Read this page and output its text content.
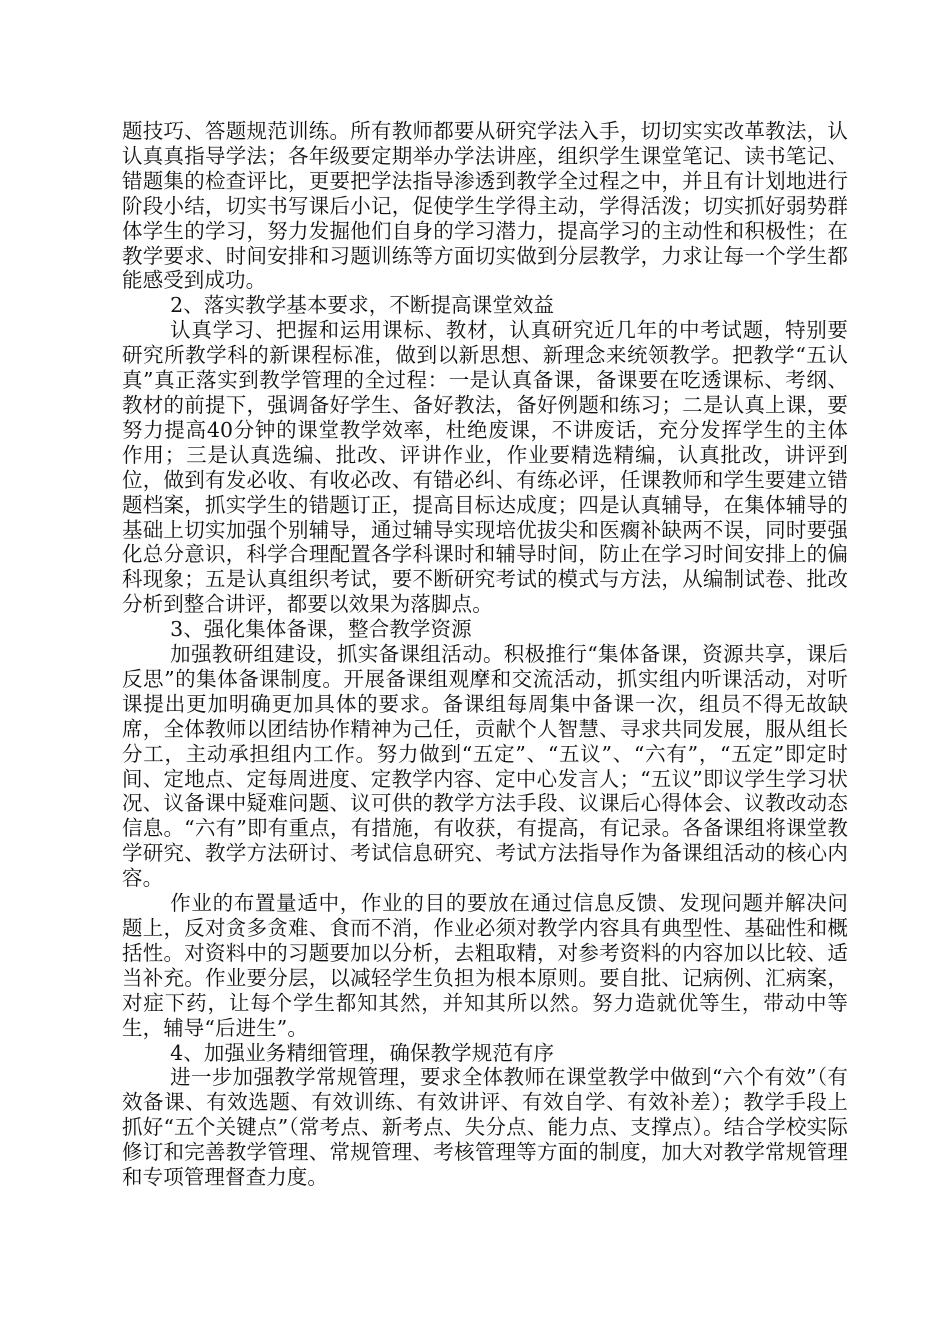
题技巧、答题规范训练。所有教师都要从研究学法入手，切切实实改革教法，认认真真指导学法；各年级要定期举办学法讲座，组织学生课堂笔记、读书笔记、错题集的检查评比，更要把学法指导渗透到教学全过程之中，并且有计划地进行阶段小结，切实书写课后小记，促使学生学得主动，学得活泼；切实抓好弱势群体学生的学习，努力发掘他们自身的学习潜力，提高学习的主动性和积极性；在教学要求、时间安排和习题训练等方面切实做到分层教学，力求让每一个学生都能感受到成功。

2、落实教学基本要求，不断提高课堂效益

认真学习、把握和运用课标、教材，认真研究近几年的中考试题，特别要研究所教学科的新课程标准，做到以新思想、新理念来统领教学。把教学“五认真”真正落实到教学管理的全过程：一是认真备课，备课要在吃透课标、考纲、教材的前提下，强调备好学生、备好教法，备好例题和练习；二是认真上课，要努力提高40分钟的课堂教学效率，杜绝废课，不讲废话，充分发挥学生的主体作用；三是认真选编、批改、评讲作业，作业要精选精编，认真批改，讲评到位，做到有发必收、有收必改、有错必纠、有练必评，任课教师和学生要建立错题档案，抓实学生的错题订正，提高目标达成度；四是认真辅导，在集体辅导的基础上切实加强个别辅导，通过辅导实现培优拔尖和医瘸补缺两不误，同时要强化总分意识，科学合理配置各学科课时和辅导时间，防止在学习时间安排上的偏科现象；五是认真组织考试，要不断研究考试的模式与方法，从编制试卷、批改分析到整合讲评，都要以效果为落脚点。

3、强化集体备课，整合教学资源

加强教研组建设，抓实备课组活动。积极推行“集体备课，资源共享，课后反思”的集体备课制度。开展备课组观摩和交流活动，抓实组内听课活动，对听课提出更加明确更加具体的要求。备课组每周集中备课一次，组员不得无故缺席，全体教师以团结协作精神为己任，贡献个人智慧、寻求共同发展，服从组长分工，主动承担组内工作。努力做到“五定”、“五议”、“六有”，“五定”即定时间、定地点、定每周进度、定教学内容、定中心发言人；“五议”即议学生学习状况、议备课中疑难问题、议可供的教学方法手段、议课后心得体会、议教改动态信息。“六有”即有重点，有措施，有收获，有提高，有记录。各备课组将课堂教学研究、教学方法研讨、考试信息研究、考试方法指导作为备课组活动的核心内容。

作业的布置量适中，作业的目的要放在通过信息反馈、发现问题并解决问题上，反对贪多贪难、食而不消，作业必须对教学内容具有典型性、基础性和概括性。对资料中的习题要加以分析，去粗取精，对参考资料的内容加以比较、适当补充。作业要分层，以减轻学生负担为根本原则。要自批、记病例、汇病案，对症下药，让每个学生都知其然，并知其所以然。努力造就优等生，带动中等生，辅导“后进生”。

4、加强业务精细管理，确保教学规范有序

进一步加强教学常规管理，要求全体教师在课堂教学中做到“六个有效”（有效备课、有效选题、有效训练、有效讲评、有效自学、有效补差）；教学手段上抓好“五个关键点”（常考点、新考点、失分点、能力点、支撑点）。结合学校实际修订和完善教学管理、常规管理、考核管理等方面的制度，加大对教学常规管理和专项管理督查力度。
